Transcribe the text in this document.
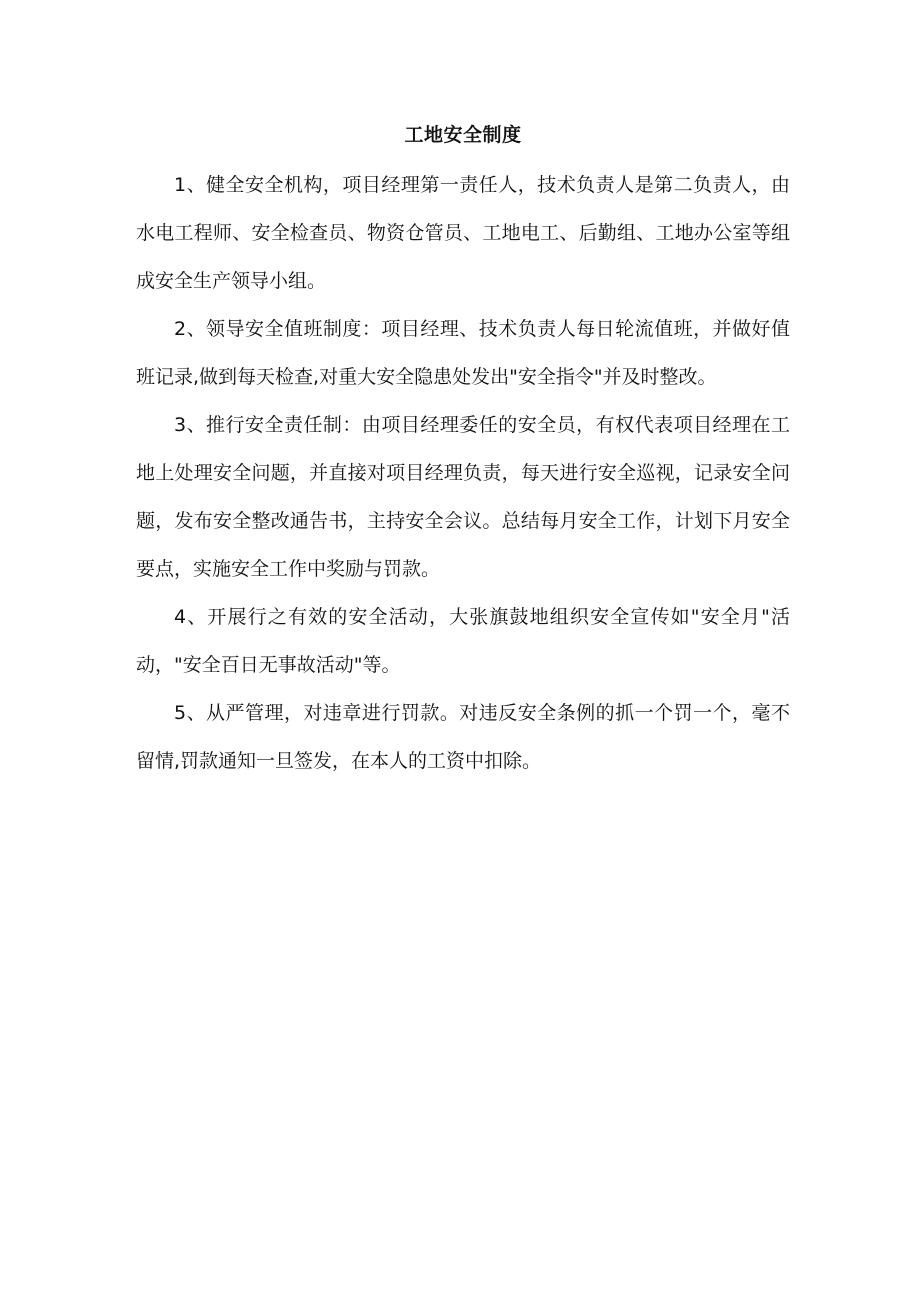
工地安全制度

1、健全安全机构，项目经理第一责任人，技术负责人是第二负责人，由水电工程师、安全检查员、物资仓管员、工地电工、后勤组、工地办公室等组成安全生产领导小组。

2、领导安全值班制度：项目经理、技术负责人每日轮流值班，并做好值班记录,做到每天检查,对重大安全隐患处发出"安全指令"并及时整改。

3、推行安全责任制：由项目经理委任的安全员，有权代表项目经理在工地上处理安全问题，并直接对项目经理负责，每天进行安全巡视，记录安全问题，发布安全整改通告书，主持安全会议。总结每月安全工作，计划下月安全要点，实施安全工作中奖励与罚款。

4、开展行之有效的安全活动，大张旗鼓地组织安全宣传如"安全月"活动，"安全百日无事故活动"等。

5、从严管理，对违章进行罚款。对违反安全条例的抓一个罚一个，毫不留情,罚款通知一旦签发，在本人的工资中扣除。
